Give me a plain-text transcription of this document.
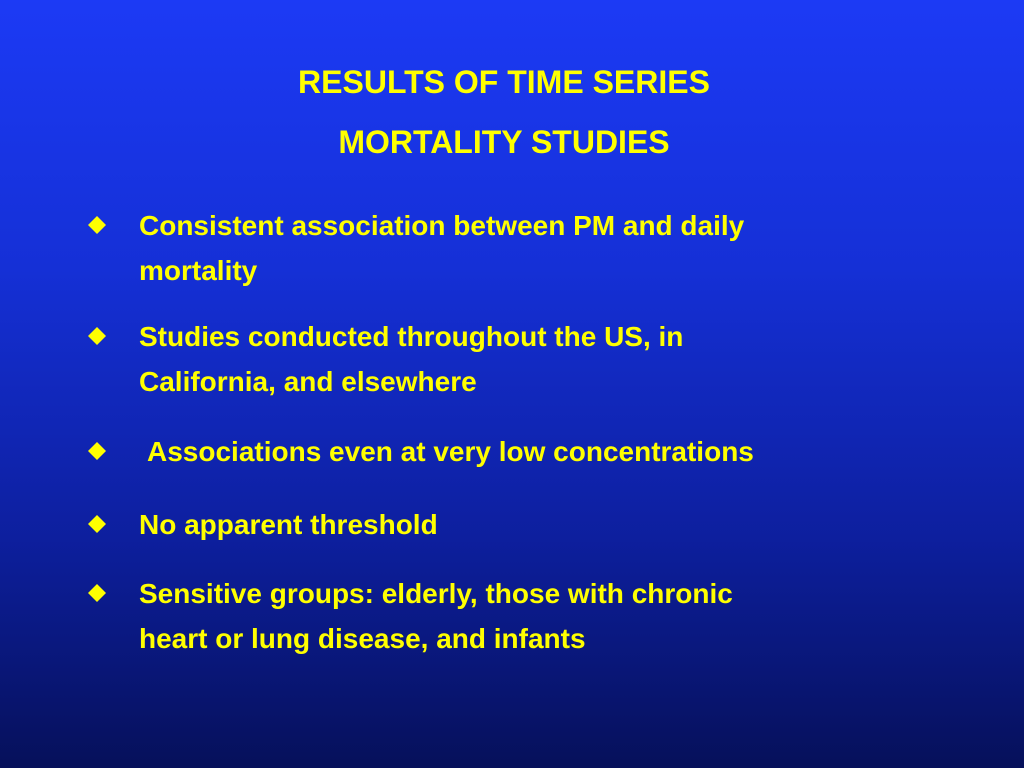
RESULTS OF TIME SERIES
MORTALITY STUDIES
Consistent association between PM and daily
mortality
Studies conducted throughout the US, in
California, and elsewhere
Associations even at very low concentrations
No apparent threshold
Sensitive groups: elderly, those with chronic
heart or lung disease, and infants
